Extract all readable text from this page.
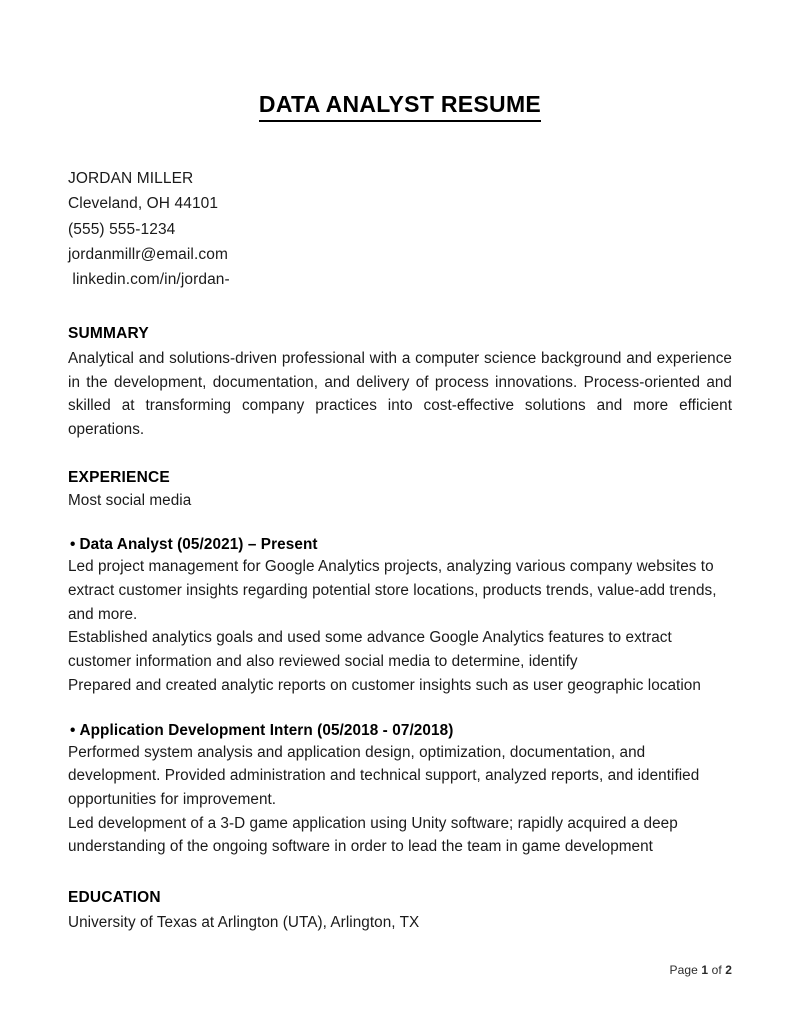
DATA ANALYST RESUME
JORDAN MILLER
Cleveland, OH 44101
(555) 555-1234
jordanmillr@email.com
linkedin.com/in/jordan-
SUMMARY

Analytical and solutions-driven professional with a computer science background and experience in the development, documentation, and delivery of process innovations. Process-oriented and skilled at transforming company practices into cost-effective solutions and more efficient operations.

EXPERIENCE

Most social media

• Data Analyst (05/2021) – Present

Led project management for Google Analytics projects, analyzing various company websites to extract customer insights regarding potential store locations, products trends, value-add trends, and more.

Established analytics goals and used some advance Google Analytics features to extract customer information and also reviewed social media to determine, identify

Prepared and created analytic reports on customer insights such as user geographic location

• Application Development Intern (05/2018 - 07/2018)

Performed system analysis and application design, optimization, documentation, and development. Provided administration and technical support, analyzed reports, and identified opportunities for improvement.

Led development of a 3-D game application using Unity software; rapidly acquired a deep understanding of the ongoing software in order to lead the team in game development

EDUCATION

University of Texas at Arlington (UTA), Arlington, TX

Page 1 of 2
